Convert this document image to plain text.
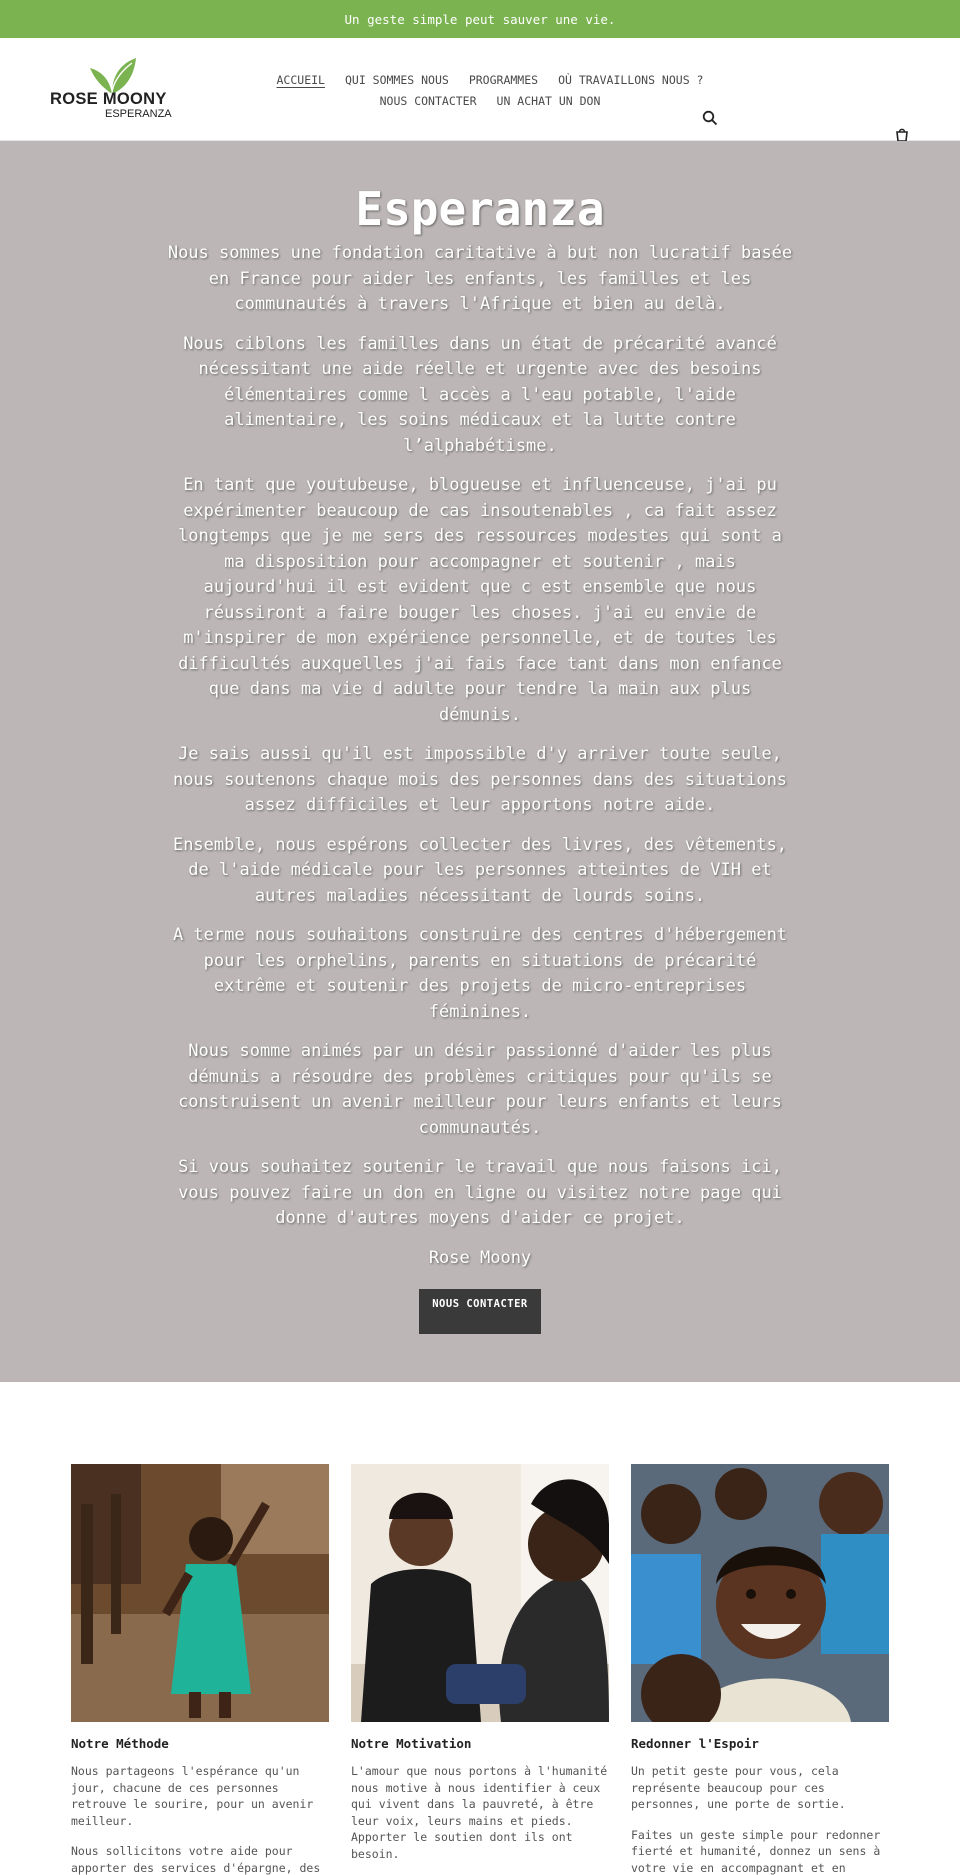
Un geste simple peut sauver une vie.
ROSE MOONY
ESPERANZA
ACCUEIL QUI SOMMES NOUS PROGRAMMES OÙ TRAVAILLONS NOUS ?
NOUS CONTACTER UN ACHAT UN DON
Esperanza

Nous sommes une fondation caritative à but non lucratif basée en France pour aider les enfants, les familles et les communautés à travers l'Afrique et bien au delà.

Nous ciblons les familles dans un état de précarité avancé nécessitant une aide réelle et urgente avec des besoins élémentaires comme l accès a l'eau potable, l'aide alimentaire, les soins médicaux et la lutte contre l’alphabétisme.

En tant que youtubeuse, blogueuse et influenceuse, j'ai pu expérimenter beaucoup de cas insoutenables , ca fait assez longtemps que je me sers des ressources modestes qui sont a ma disposition pour accompagner et soutenir , mais aujourd'hui il est evident que c est ensemble que nous réussiront a faire bouger les choses. j'ai eu envie de m'inspirer de mon expérience personnelle, et de toutes les difficultés auxquelles j'ai fais face tant dans mon enfance que dans ma vie d adulte pour tendre la main aux plus démunis.

Je sais aussi qu'il est impossible d'y arriver toute seule, nous soutenons chaque mois des personnes dans des situations assez difficiles et leur apportons notre aide.

Ensemble, nous espérons collecter des livres, des vêtements, de l'aide médicale pour les personnes atteintes de VIH et autres maladies nécessitant de lourds soins.

A terme nous souhaitons construire des centres d'hébergement pour les orphelins, parents en situations de précarité extrême et soutenir des projets de micro-entreprises féminines.

Nous somme animés par un désir passionné d'aider les plus démunis a résoudre des problèmes critiques pour qu'ils se construisent un avenir meilleur pour leurs enfants et leurs communautés.

Si vous souhaitez soutenir le travail que nous faisons ici, vous pouvez faire un don en ligne ou visitez notre page qui donne d'autres moyens d'aider ce projet.

Rose Moony
NOUS CONTACTER
Notre Méthode

Nous partageons l'espérance qu'un jour, chacune de ces personnes retrouve le sourire, pour un avenir meilleur.

Nous sollicitons votre aide pour apporter des services d'épargne, des

Notre Motivation

L'amour que nous portons à l'humanité nous motive à nous identifier à ceux qui vivent dans la pauvreté, à être leur voix, leurs mains et pieds. Apporter le soutien dont ils ont besoin.

Redonner l'Espoir

Un petit geste pour vous, cela représente beaucoup pour ces personnes, une porte de sortie.

Faites un geste simple pour redonner fierté et humanité, donnez un sens à votre vie en accompagnant et en
